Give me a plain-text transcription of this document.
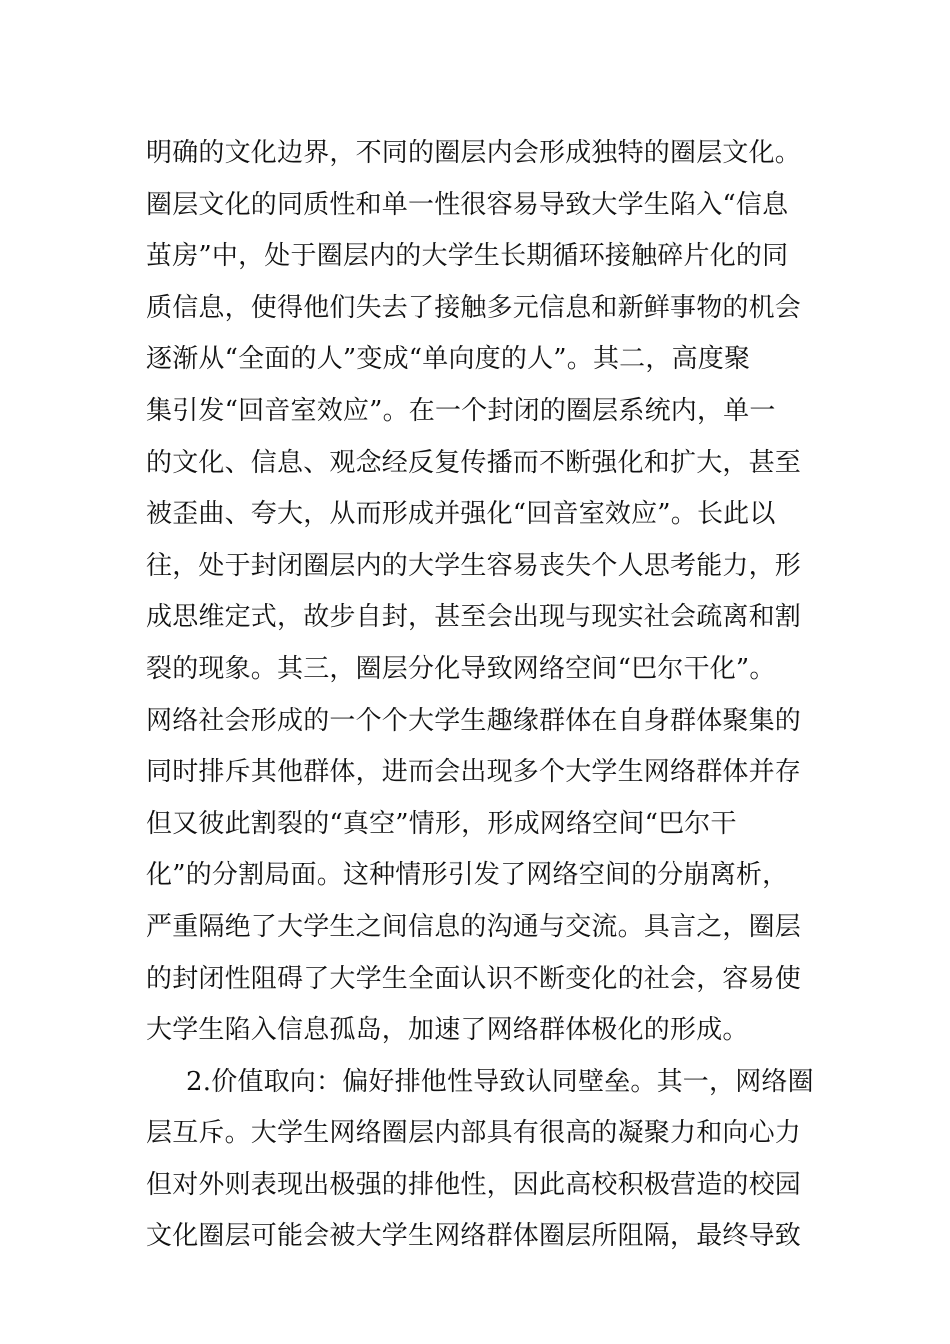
明确的文化边界，不同的圈层内会形成独特的圈层文化。
圈层文化的同质性和单一性很容易导致大学生陷入“信息
茧房”中，处于圈层内的大学生长期循环接触碎片化的同
质信息，使得他们失去了接触多元信息和新鲜事物的机会
逐渐从“全面的人”变成“单向度的人”。其二，高度聚
集引发“回音室效应”。在一个封闭的圈层系统内，单一
的文化、信息、观念经反复传播而不断强化和扩大，甚至
被歪曲、夸大，从而形成并强化“回音室效应”。长此以
往，处于封闭圈层内的大学生容易丧失个人思考能力，形
成思维定式，故步自封，甚至会出现与现实社会疏离和割
裂的现象。其三，圈层分化导致网络空间“巴尔干化”。
网络社会形成的一个个大学生趣缘群体在自身群体聚集的
同时排斥其他群体，进而会出现多个大学生网络群体并存
但又彼此割裂的“真空”情形，形成网络空间“巴尔干
化”的分割局面。这种情形引发了网络空间的分崩离析，
严重隔绝了大学生之间信息的沟通与交流。具言之，圈层
的封闭性阻碍了大学生全面认识不断变化的社会，容易使
大学生陷入信息孤岛，加速了网络群体极化的形成。
2.价值取向：偏好排他性导致认同壁垒。其一，网络圈
层互斥。大学生网络圈层内部具有很高的凝聚力和向心力
但对外则表现出极强的排他性，因此高校积极营造的校园
文化圈层可能会被大学生网络群体圈层所阻隔，最终导致
